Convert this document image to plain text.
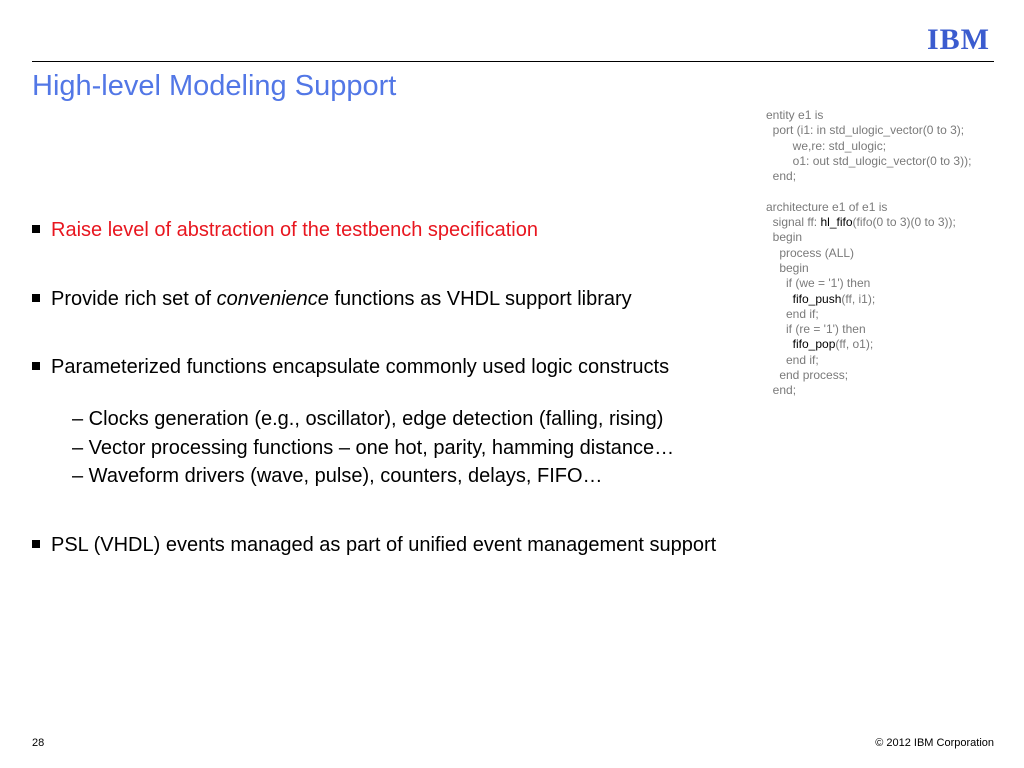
IBM
High-level Modeling Support
entity e1 is
port (i1: in std_ulogic_vector(0 to 3);
we,re: std_ulogic;
o1: out std_ulogic_vector(0 to 3));
end;

architecture e1 of e1 is
signal ff: hl_fifo(fifo(0 to 3)(0 to 3));
begin
process (ALL)
begin
if (we = '1') then
fifo_push(ff, i1);
end if;
if (re = '1') then
fifo_pop(ff, o1);
end if;
end process;
end;
Raise level of abstraction of the testbench specification
Provide rich set of convenience functions as VHDL support library
Parameterized functions encapsulate commonly used logic constructs
– Clocks generation (e.g., oscillator), edge detection (falling, rising)
– Vector processing functions – one hot, parity, hamming distance…
– Waveform drivers (wave, pulse), counters, delays, FIFO…
PSL (VHDL) events managed as part of unified event management support
28	© 2012 IBM Corporation
